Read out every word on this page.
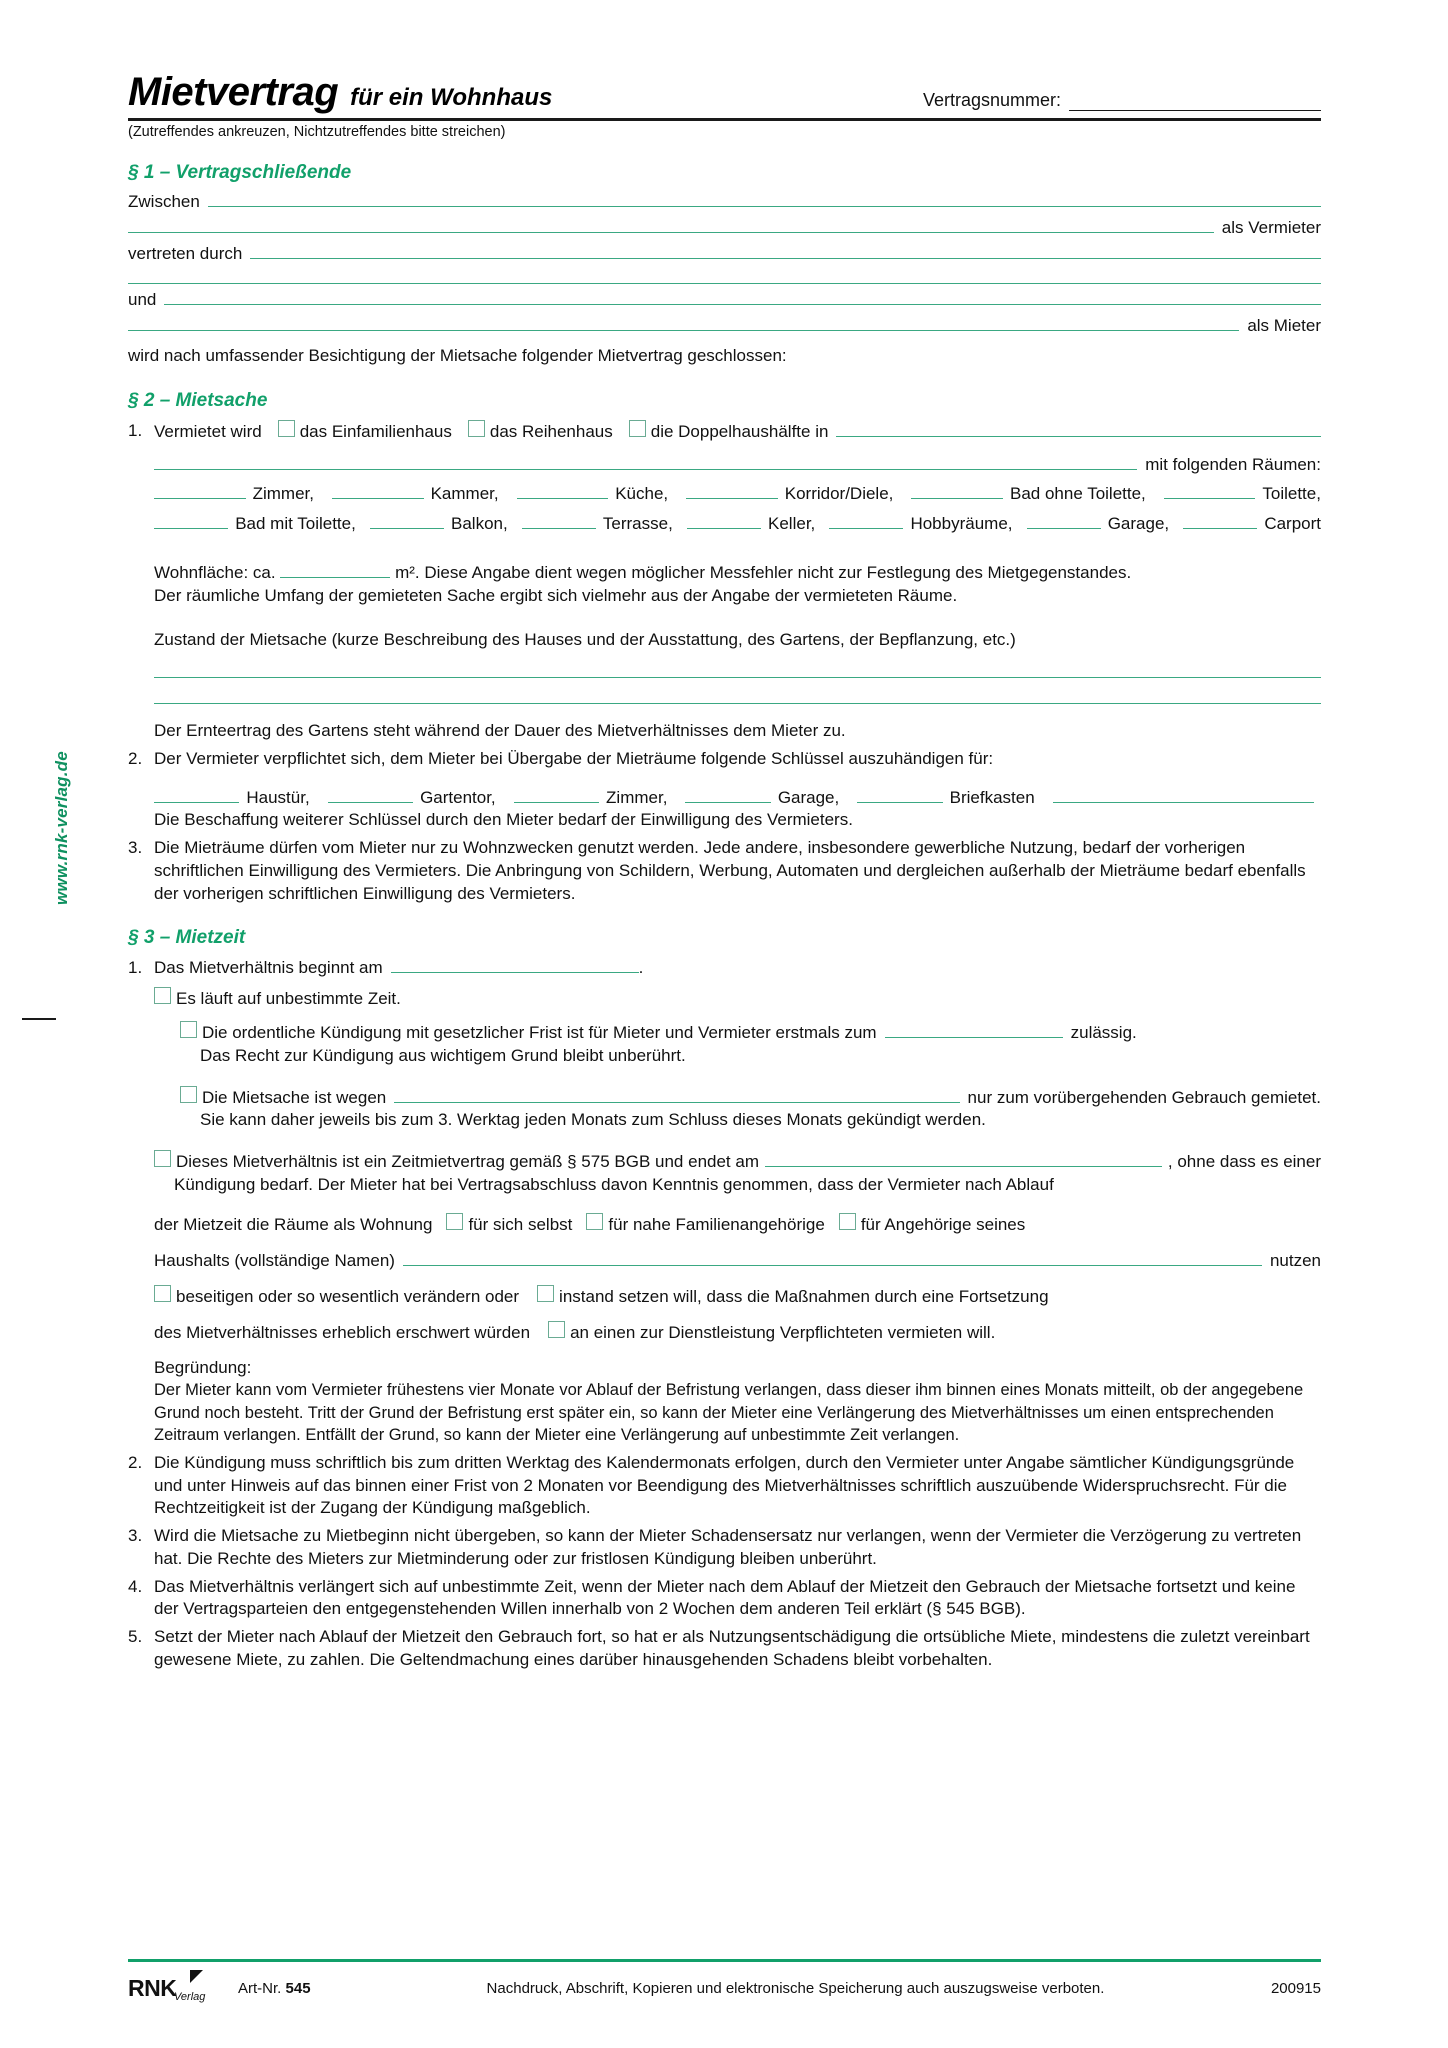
www.rnk-verlag.de
Mietvertrag für ein Wohnhaus	Vertragsnummer:
(Zutreffendes ankreuzen, Nichtzutreffendes bitte streichen)
§ 1 – Vertragschließende
Zwischen
als Vermieter
vertreten durch
und
als Mieter
wird nach umfassender Besichtigung der Mietsache folgender Mietvertrag geschlossen:
§ 2 – Mietsache
1. Vermietet wird das Einfamilienhaus das Reihenhaus die Doppelhaushälfte in
mit folgenden Räumen:
Zimmer,	Kammer,	Küche,	Korridor/Diele,	Bad ohne Toilette,	Toilette,
Bad mit Toilette,	Balkon,	Terrasse,	Keller,	Hobbyräume,	Garage,	Carport
Wohnfläche: ca.	m². Diese Angabe dient wegen möglicher Messfehler nicht zur Festlegung des Mietgegenstandes.
Der räumliche Umfang der gemieteten Sache ergibt sich vielmehr aus der Angabe der vermieteten Räume.
Zustand der Mietsache (kurze Beschreibung des Hauses und der Ausstattung, des Gartens, der Bepflanzung, etc.)
Der Ernteertrag des Gartens steht während der Dauer des Mietverhältnisses dem Mieter zu.
2. Der Vermieter verpflichtet sich, dem Mieter bei Übergabe der Mieträume folgende Schlüssel auszuhändigen für:
Haustür,	Gartentor,	Zimmer,	Garage,	Briefkasten
Die Beschaffung weiterer Schlüssel durch den Mieter bedarf der Einwilligung des Vermieters.
3. Die Mieträume dürfen vom Mieter nur zu Wohnzwecken genutzt werden. Jede andere, insbesondere gewerbliche Nutzung, bedarf der vorherigen schriftlichen Einwilligung des Vermieters. Die Anbringung von Schildern, Werbung, Automaten und dergleichen außerhalb der Mieträume bedarf ebenfalls der vorherigen schriftlichen Einwilligung des Vermieters.
§ 3 – Mietzeit
1. Das Mietverhältnis beginnt am	.
Es läuft auf unbestimmte Zeit.
Die ordentliche Kündigung mit gesetzlicher Frist ist für Mieter und Vermieter erstmals zum	zulässig.
Das Recht zur Kündigung aus wichtigem Grund bleibt unberührt.
Die Mietsache ist wegen	nur zum vorübergehenden Gebrauch gemietet.
Sie kann daher jeweils bis zum 3. Werktag jeden Monats zum Schluss dieses Monats gekündigt werden.
Dieses Mietverhältnis ist ein Zeitmietvertrag gemäß § 575 BGB und endet am	, ohne dass es einer
Kündigung bedarf. Der Mieter hat bei Vertragsabschluss davon Kenntnis genommen, dass der Vermieter nach Ablauf
der Mietzeit die Räume als Wohnung für sich selbst für nahe Familienangehörige für Angehörige seines
Haushalts (vollständige Namen)	nutzen
beseitigen oder so wesentlich verändern oder instand setzen will, dass die Maßnahmen durch eine Fortsetzung
des Mietverhältnisses erheblich erschwert würden an einen zur Dienstleistung Verpflichteten vermieten will.
Begründung:
Der Mieter kann vom Vermieter frühestens vier Monate vor Ablauf der Befristung verlangen, dass dieser ihm binnen eines Monats mitteilt, ob der angegebene Grund noch besteht. Tritt der Grund der Befristung erst später ein, so kann der Mieter eine Verlängerung des Mietverhältnisses um einen entsprechenden Zeitraum verlangen. Entfällt der Grund, so kann der Mieter eine Verlängerung auf unbestimmte Zeit verlangen.
2. Die Kündigung muss schriftlich bis zum dritten Werktag des Kalendermonats erfolgen, durch den Vermieter unter Angabe sämtlicher Kündigungsgründe und unter Hinweis auf das binnen einer Frist von 2 Monaten vor Beendigung des Mietverhältnisses schriftlich auszuübende Widerspruchsrecht. Für die Rechtzeitigkeit ist der Zugang der Kündigung maßgeblich.
3. Wird die Mietsache zu Mietbeginn nicht übergeben, so kann der Mieter Schadensersatz nur verlangen, wenn der Vermieter die Verzögerung zu vertreten hat. Die Rechte des Mieters zur Mietminderung oder zur fristlosen Kündigung bleiben unberührt.
4. Das Mietverhältnis verlängert sich auf unbestimmte Zeit, wenn der Mieter nach dem Ablauf der Mietzeit den Gebrauch der Mietsache fortsetzt und keine der Vertragsparteien den entgegenstehenden Willen innerhalb von 2 Wochen dem anderen Teil erklärt (§ 545 BGB).
5. Setzt der Mieter nach Ablauf der Mietzeit den Gebrauch fort, so hat er als Nutzungsentschädigung die ortsübliche Miete, mindestens die zuletzt vereinbart gewesene Miete, zu zahlen. Die Geltendmachung eines darüber hinausgehenden Schadens bleibt vorbehalten.
RNK
Verlag Art-Nr. 545	Nachdruck, Abschrift, Kopieren und elektronische Speicherung auch auszugsweise verboten.	200915
